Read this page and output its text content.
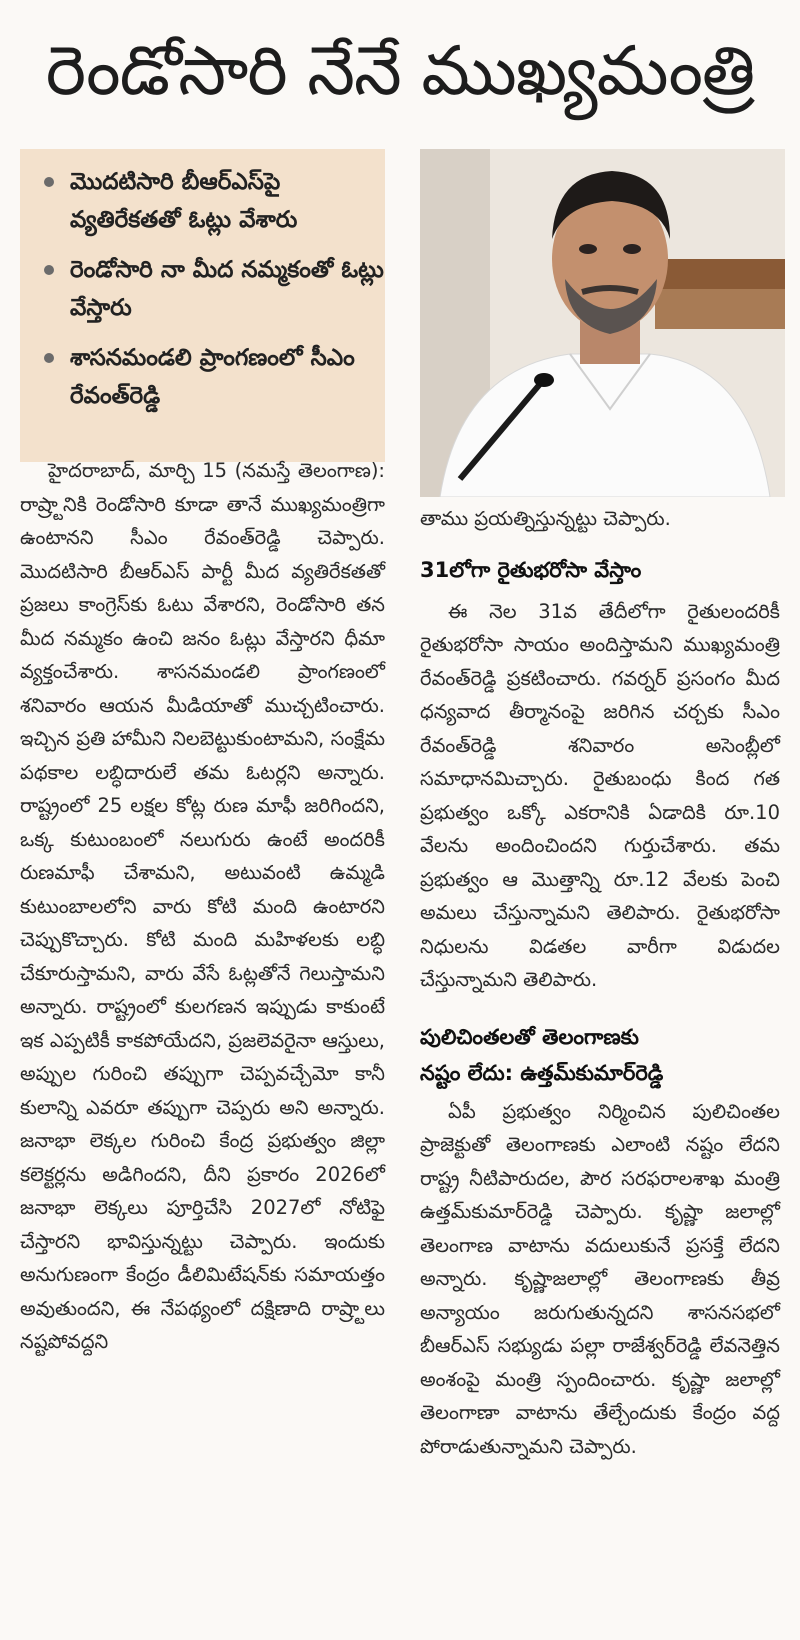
రెండోసారి నేనే ముఖ్యమంత్రి
మొదటిసారి బీఆర్‌ఎస్‌పై వ్యతిరేకతతో ఓట్లు వేశారు
రెండోసారి నా మీద నమ్మకంతో ఓట్లు వేస్తారు
శాసనమండలి ప్రాంగణంలో సీఎం రేవంత్‌రెడ్డి

హైదరాబాద్, మార్చి 15 (నమస్తే తెలంగాణ): రాష్ర్టానికి రెండోసారి కూడా తానే ముఖ్యమంత్రిగా ఉంటానని సీఎం రేవంత్‌రెడ్డి చెప్పారు. మొదటిసారి బీఆర్‌ఎస్ పార్టీ మీద వ్యతిరేకతతో ప్రజలు కాంగ్రెస్‌కు ఓటు వేశారని, రెండోసారి తన మీద నమ్మకం ఉంచి జనం ఓట్లు వేస్తారని ధీమా వ్యక్తంచేశారు. శాసనమండలి ప్రాంగణంలో శనివారం ఆయన మీడియాతో ముచ్చటించారు. ఇచ్చిన ప్రతి హామీని నిలబెట్టుకుంటామని, సంక్షేమ పథకాల లబ్ధిదారులే తమ ఓటర్లని అన్నారు. రాష్ట్రంలో 25 లక్షల కోట్ల రుణ మాఫీ జరిగిందని, ఒక్క కుటుంబంలో నలుగురు ఉంటే అందరికీ రుణమాఫీ చేశామని, అటువంటి ఉమ్మడి కుటుంబాలలోని వారు కోటి మంది ఉంటారని చెప్పుకొచ్చారు. కోటి మంది మహిళలకు లబ్ధి చేకూరుస్తామని, వారు వేసే ఓట్లతోనే గెలుస్తామని అన్నారు. రాష్ట్రంలో కులగణన ఇప్పుడు కాకుంటే ఇక ఎప్పటికీ కాకపోయేదని, ప్రజలెవరైనా ఆస్తులు, అప్పుల గురించి తప్పుగా చెప్పవచ్చేమో కానీ కులాన్ని ఎవరూ తప్పుగా చెప్పరు అని అన్నారు. జనాభా లెక్కల గురించి కేంద్ర ప్రభుత్వం జిల్లా కలెక్టర్లను అడిగిందని, దీని ప్రకారం 2026లో జనాభా లెక్కలు పూర్తిచేసి 2027లో నోటిఫై చేస్తారని భావిస్తున్నట్టు చెప్పారు. ఇందుకు అనుగుణంగా కేంద్రం డీలిమిటేషన్‌కు సమాయత్తం అవుతుందని, ఈ నేపథ్యంలో దక్షిణాది రాష్ర్టాలు నష్టపోవద్దని

తాము ప్రయత్నిస్తున్నట్టు చెప్పారు.

31లోగా రైతుభరోసా వేస్తాం

ఈ నెల 31వ తేదీలోగా రైతులందరికీ రైతుభరోసా సాయం అందిస్తామని ముఖ్యమంత్రి రేవంత్‌రెడ్డి ప్రకటించారు. గవర్నర్ ప్రసంగం మీద ధన్యవాద తీర్మానంపై జరిగిన చర్చకు సీఎం రేవంత్‌రెడ్డి శనివారం అసెంబ్లీలో సమాధానమిచ్చారు. రైతుబంధు కింద గత ప్రభుత్వం ఒక్కో ఎకరానికి ఏడాదికి రూ.10 వేలను అందించిందని గుర్తుచేశారు. తమ ప్రభుత్వం ఆ మొత్తాన్ని రూ.12 వేలకు పెంచి అమలు చేస్తున్నామని తెలిపారు. రైతుభరోసా నిధులను విడతల వారీగా విడుదల చేస్తున్నామని తెలిపారు.

పులిచింతలతో తెలంగాణకు
నష్టం లేదు: ఉత్తమ్‌కుమార్‌రెడ్డి

ఏపీ ప్రభుత్వం నిర్మించిన పులిచింతల ప్రాజెక్టుతో తెలంగాణకు ఎలాంటి నష్టం లేదని రాష్ట్ర నీటిపారుదల, పౌర సరఫరాలశాఖ మంత్రి ఉత్తమ్‌కుమార్‌రెడ్డి చెప్పారు. కృష్ణా జలాల్లో తెలంగాణ వాటాను వదులుకునే ప్రసక్తే లేదని అన్నారు. కృష్ణాజలాల్లో తెలంగాణకు తీవ్ర అన్యాయం జరుగుతున్నదని శాసనసభలో బీఆర్‌ఎస్ సభ్యుడు పల్లా రాజేశ్వర్‌రెడ్డి లేవనెత్తిన అంశంపై మంత్రి స్పందించారు. కృష్ణా జలాల్లో తెలంగాణా వాటాను తేల్చేందుకు కేంద్రం వద్ద పోరాడుతున్నామని చెప్పారు.
